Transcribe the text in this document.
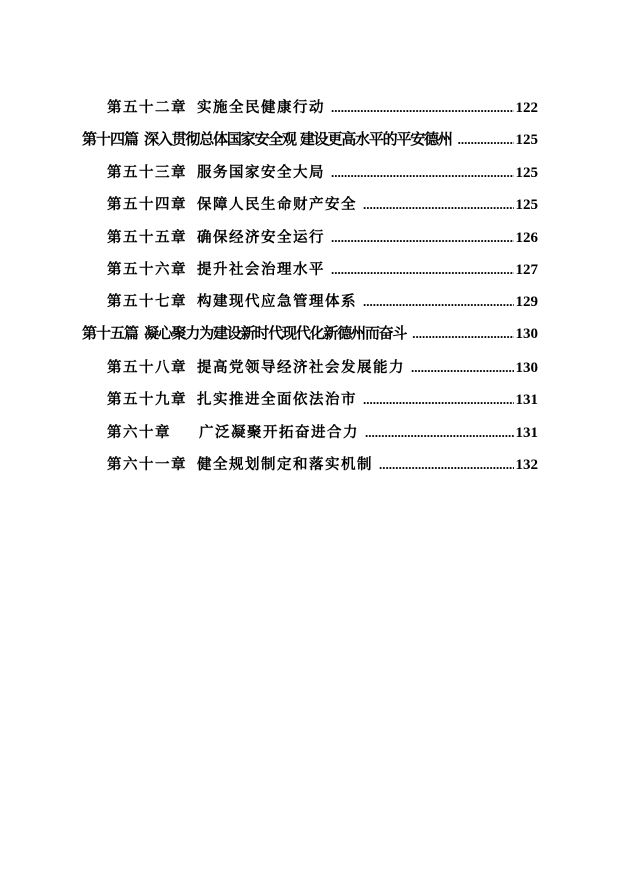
第五十二章 实施全民健康行动 .....	122
第十四篇 深入贯彻总体国家安全观 建设更高水平的平安德州 .....	125
第五十三章 服务国家安全大局 .....	125
第五十四章 保障人民生命财产安全 .....	125
第五十五章 确保经济安全运行 .....	126
第五十六章 提升社会治理水平 .....	127
第五十七章 构建现代应急管理体系 .....	129
第十五篇 凝心聚力为建设新时代现代化新德州而奋斗 .....	130
第五十八章 提高党领导经济社会发展能力 .....	130
第五十九章 扎实推进全面依法治市 .....	131
第六十章 广泛凝聚开拓奋进合力 .....	131
第六十一章 健全规划制定和落实机制 .....	132
